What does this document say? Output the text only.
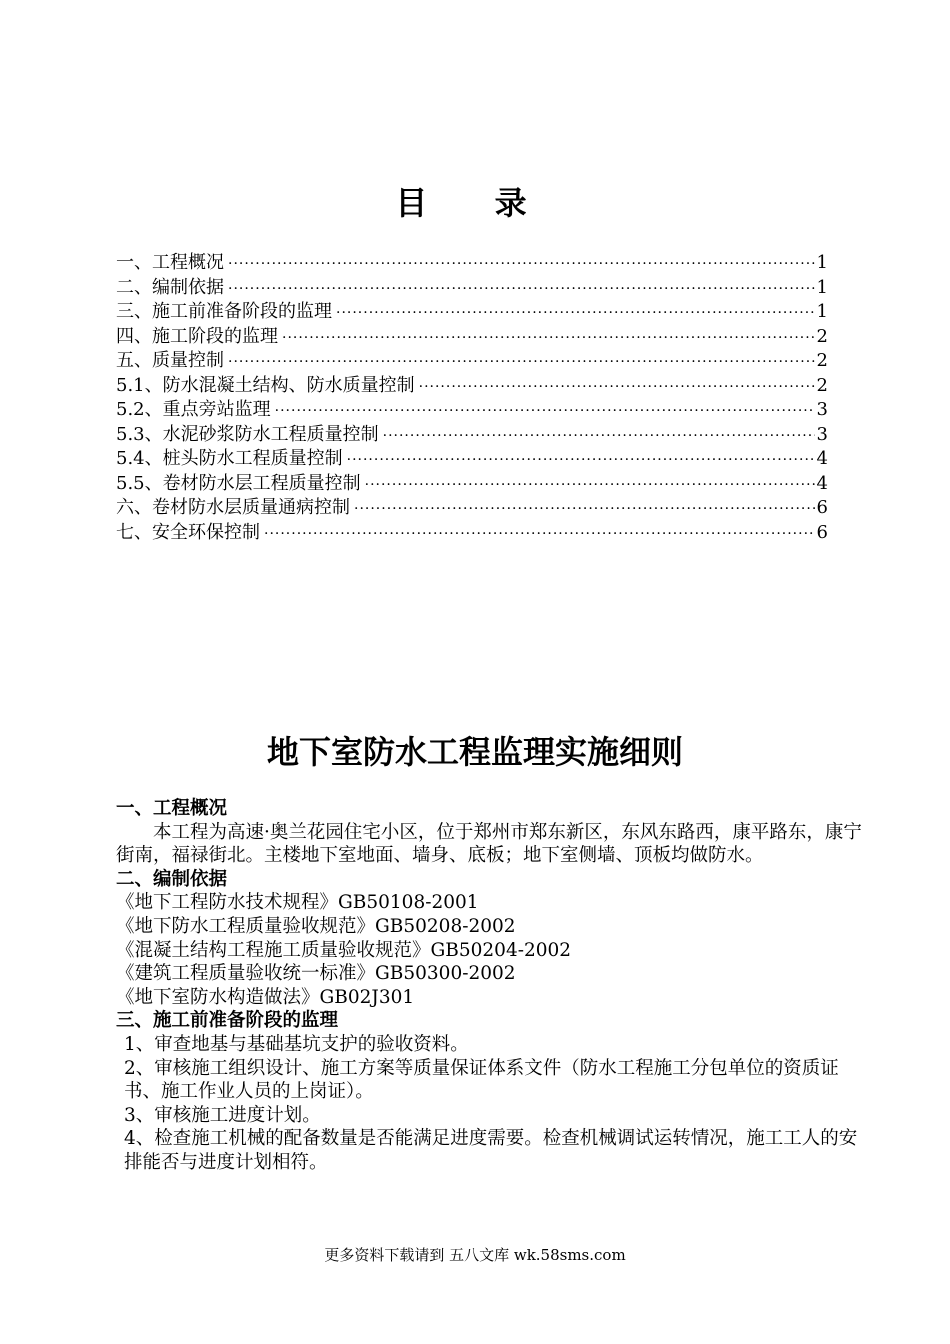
目 录
一、工程概况 ·····	1
二、编制依据 ·····	1
三、施工前准备阶段的监理 ·····	1
四、施工阶段的监理 ·····	2
五、质量控制 ·····	2
5.1、防水混凝土结构、防水质量控制 ·····	2
5.2、重点旁站监理 ·····	3
5.3、水泥砂浆防水工程质量控制 ·····	3
5.4、桩头防水工程质量控制 ·····	4
5.5、卷材防水层工程质量控制 ·····	4
六、卷材防水层质量通病控制 ·····	6
七、安全环保控制 ·····	6
地下室防水工程监理实施细则
一、工程概况
本工程为高速·奥兰花园住宅小区，位于郑州市郑东新区，东风东路西，康平路东，康宁街南，福禄街北。主楼地下室地面、墙身、底板；地下室侧墙、顶板均做防水。
二、编制依据
《地下工程防水技术规程》GB50108-2001
《地下防水工程质量验收规范》GB50208-2002
《混凝土结构工程施工质量验收规范》GB50204-2002
《建筑工程质量验收统一标准》GB50300-2002
《地下室防水构造做法》GB02J301
三、施工前准备阶段的监理
1、审查地基与基础基坑支护的验收资料。
2、审核施工组织设计、施工方案等质量保证体系文件（防水工程施工分包单位的资质证书、施工作业人员的上岗证）。
3、审核施工进度计划。
4、检查施工机械的配备数量是否能满足进度需要。检查机械调试运转情况，施工工人的安排能否与进度计划相符。
更多资料下载请到 五八文库 wk.58sms.com
